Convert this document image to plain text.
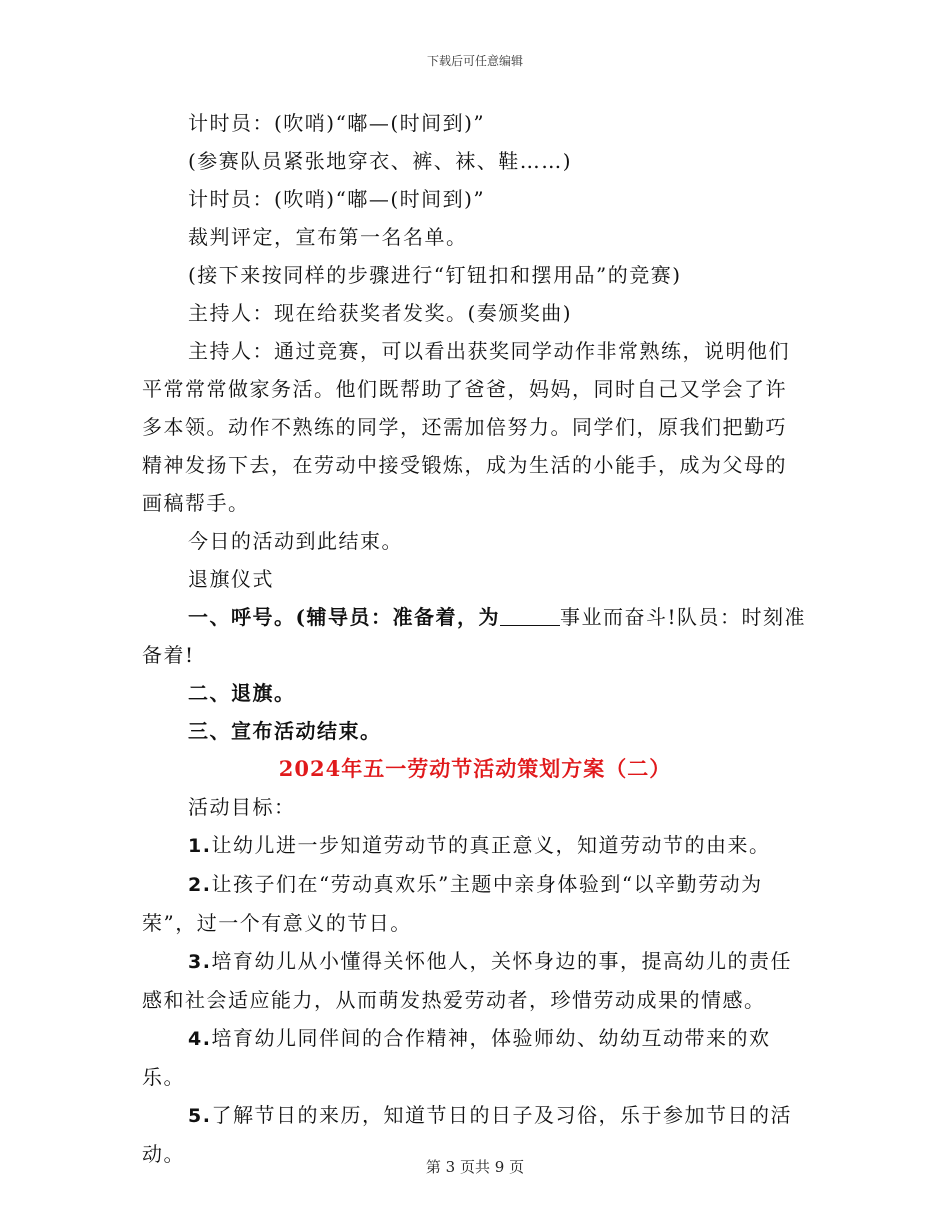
下载后可任意编辑

计时员：(吹哨)“嘟—(时间到)”

(参赛队员紧张地穿衣、裤、袜、鞋……)

计时员：(吹哨)“嘟—(时间到)”

裁判评定，宣布第一名名单。

(接下来按同样的步骤进行“钉钮扣和摆用品”的竞赛)

主持人：现在给获奖者发奖。(奏颁奖曲)

主持人：通过竞赛，可以看出获奖同学动作非常熟练，说明他们平常常常做家务活。他们既帮助了爸爸，妈妈，同时自己又学会了许多本领。动作不熟练的同学，还需加倍努力。同学们，原我们把勤巧精神发扬下去，在劳动中接受锻炼，成为生活的小能手，成为父母的画稿帮手。

今日的活动到此结束。

退旗仪式

一、呼号。(辅导员：准备着，为	事业而奋斗!队员：时刻准备着!

二、退旗。

三、宣布活动结束。

2024年五一劳动节活动策划方案（二）

活动目标：

1.让幼儿进一步知道劳动节的真正意义，知道劳动节的由来。

2.让孩子们在“劳动真欢乐”主题中亲身体验到“以辛勤劳动为荣”，过一个有意义的节日。

3.培育幼儿从小懂得关怀他人，关怀身边的事，提高幼儿的责任感和社会适应能力，从而萌发热爱劳动者，珍惜劳动成果的情感。

4.培育幼儿同伴间的合作精神，体验师幼、幼幼互动带来的欢乐。

5.了解节日的来历，知道节日的日子及习俗，乐于参加节日的活动。

第 3 页共 9 页
